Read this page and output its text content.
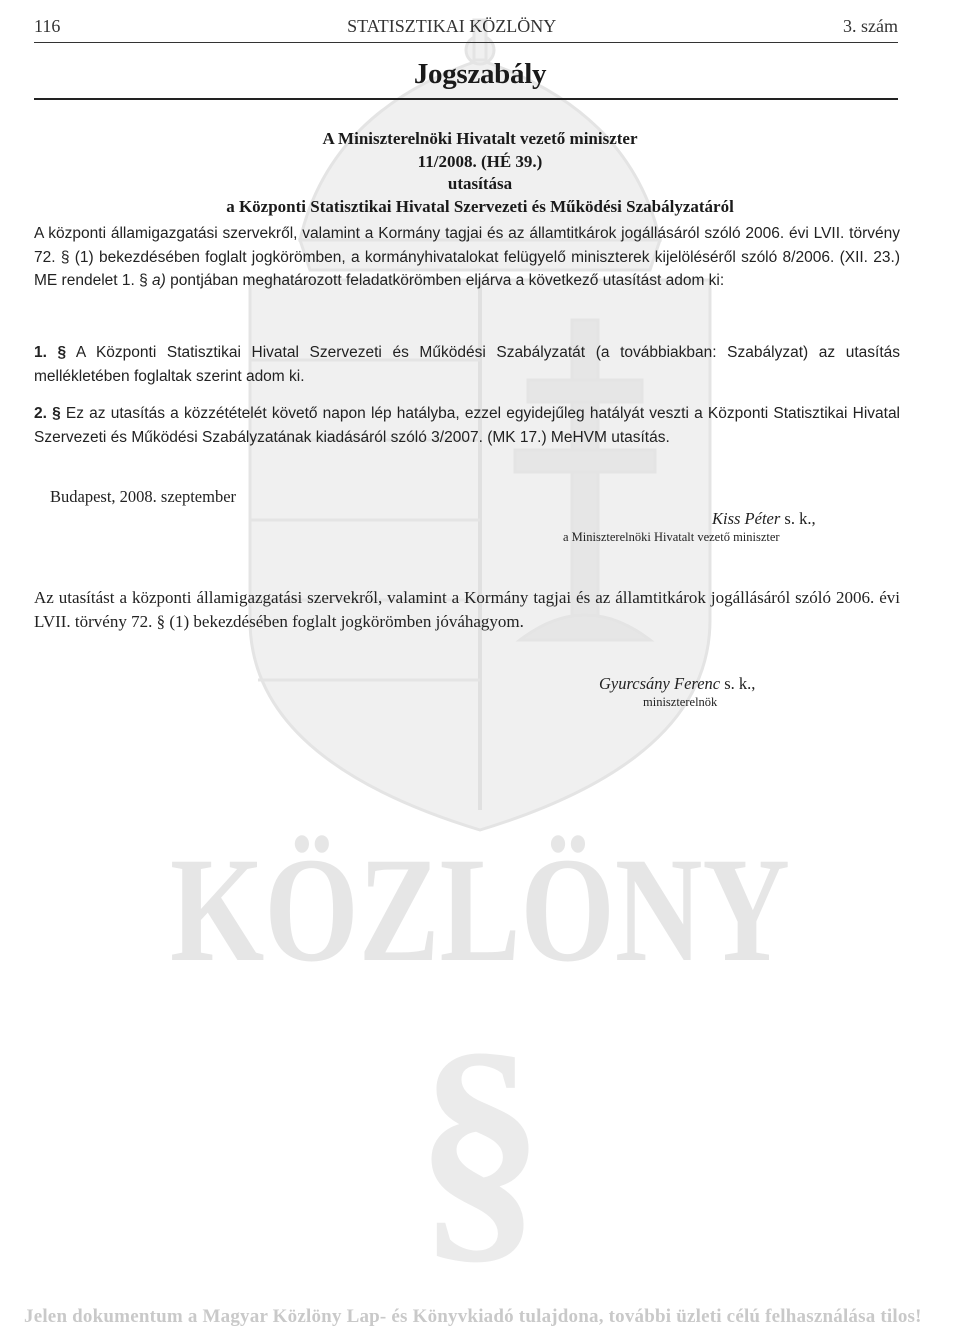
KÖZLÖNY
§
116	STATISZTIKAI KÖZLÖNY	3. szám
Jogszabály
A Miniszterelnöki Hivatalt vezető miniszter
11/2008. (HÉ 39.)
utasítása
a Központi Statisztikai Hivatal Szervezeti és Működési Szabályzatáról

A központi államigazgatási szervekről, valamint a Kormány tagjai és az államtitkárok jogállásáról szóló 2006. évi LVII. törvény 72. § (1) bekezdésében foglalt jogkörömben, a kormányhivatalokat felügyelő miniszterek kijelöléséről szóló 8/2006. (XII. 23.) ME rendelet 1. § a) pontjában meghatározott feladatkörömben eljárva a következő utasítást adom ki:

1. § A Központi Statisztikai Hivatal Szervezeti és Működési Szabályzatát (a továbbiakban: Szabályzat) az utasítás mellékletében foglaltak szerint adom ki.

2. § Ez az utasítás a közzétételét követő napon lép hatályba, ezzel egyidejűleg hatályát veszti a Központi Statisztikai Hivatal Szervezeti és Működési Szabályzatának kiadásáról szóló 3/2007. (MK 17.) MeHVM utasítás.

Budapest, 2008. szeptember
Kiss Péter s. k.,
a Miniszterelnöki Hivatalt vezető miniszter

Az utasítást a központi államigazgatási szervekről, valamint a Kormány tagjai és az államtitkárok jogállásáról szóló 2006. évi LVII. törvény 72. § (1) bekezdésében foglalt jogkörömben jóváhagyom.

Gyurcsány Ferenc s. k.,
miniszterelnök
Jelen dokumentum a Magyar Közlöny Lap- és Könyvkiadó tulajdona, további üzleti célú felhasználása tilos!
